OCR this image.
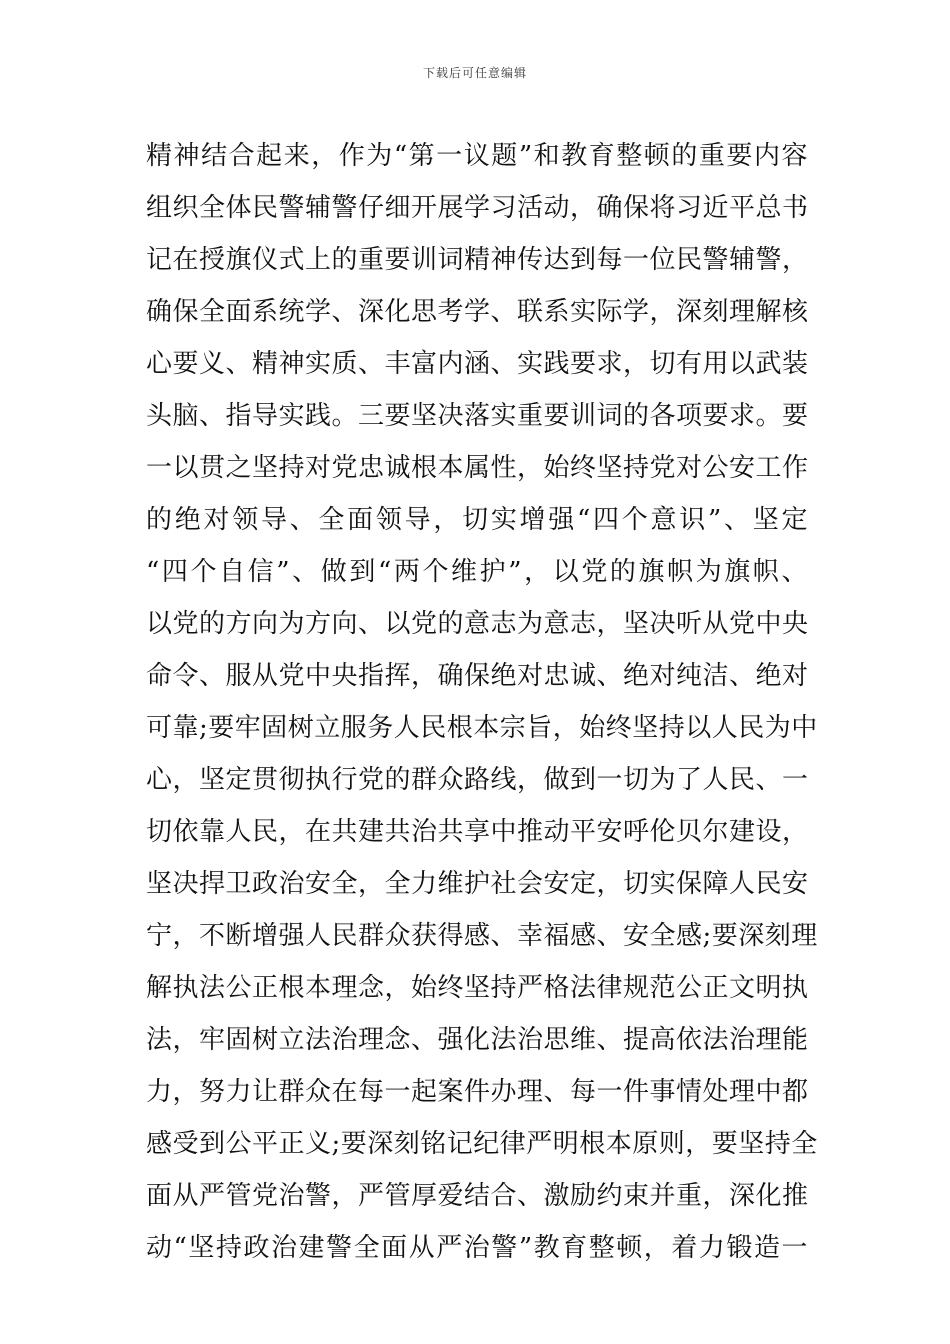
下载后可任意编辑
精神结合起来，作为“第一议题”和教育整顿的重要内容
组织全体民警辅警仔细开展学习活动，确保将习近平总书
记在授旗仪式上的重要训词精神传达到每一位民警辅警，
确保全面系统学、深化思考学、联系实际学，深刻理解核
心要义、精神实质、丰富内涵、实践要求，切有用以武装
头脑、指导实践。三要坚决落实重要训词的各项要求。要
一以贯之坚持对党忠诚根本属性，始终坚持党对公安工作
的绝对领导、全面领导，切实增强“四个意识”、坚定
“四个自信”、做到“两个维护”，以党的旗帜为旗帜、
以党的方向为方向、以党的意志为意志，坚决听从党中央
命令、服从党中央指挥，确保绝对忠诚、绝对纯洁、绝对
可靠;要牢固树立服务人民根本宗旨，始终坚持以人民为中
心，坚定贯彻执行党的群众路线，做到一切为了人民、一
切依靠人民，在共建共治共享中推动平安呼伦贝尔建设，
坚决捍卫政治安全，全力维护社会安定，切实保障人民安
宁，不断增强人民群众获得感、幸福感、安全感;要深刻理
解执法公正根本理念，始终坚持严格法律规范公正文明执
法，牢固树立法治理念、强化法治思维、提高依法治理能
力，努力让群众在每一起案件办理、每一件事情处理中都
感受到公平正义;要深刻铭记纪律严明根本原则，要坚持全
面从严管党治警，严管厚爱结合、激励约束并重，深化推
动“坚持政治建警全面从严治警”教育整顿，着力锻造一
